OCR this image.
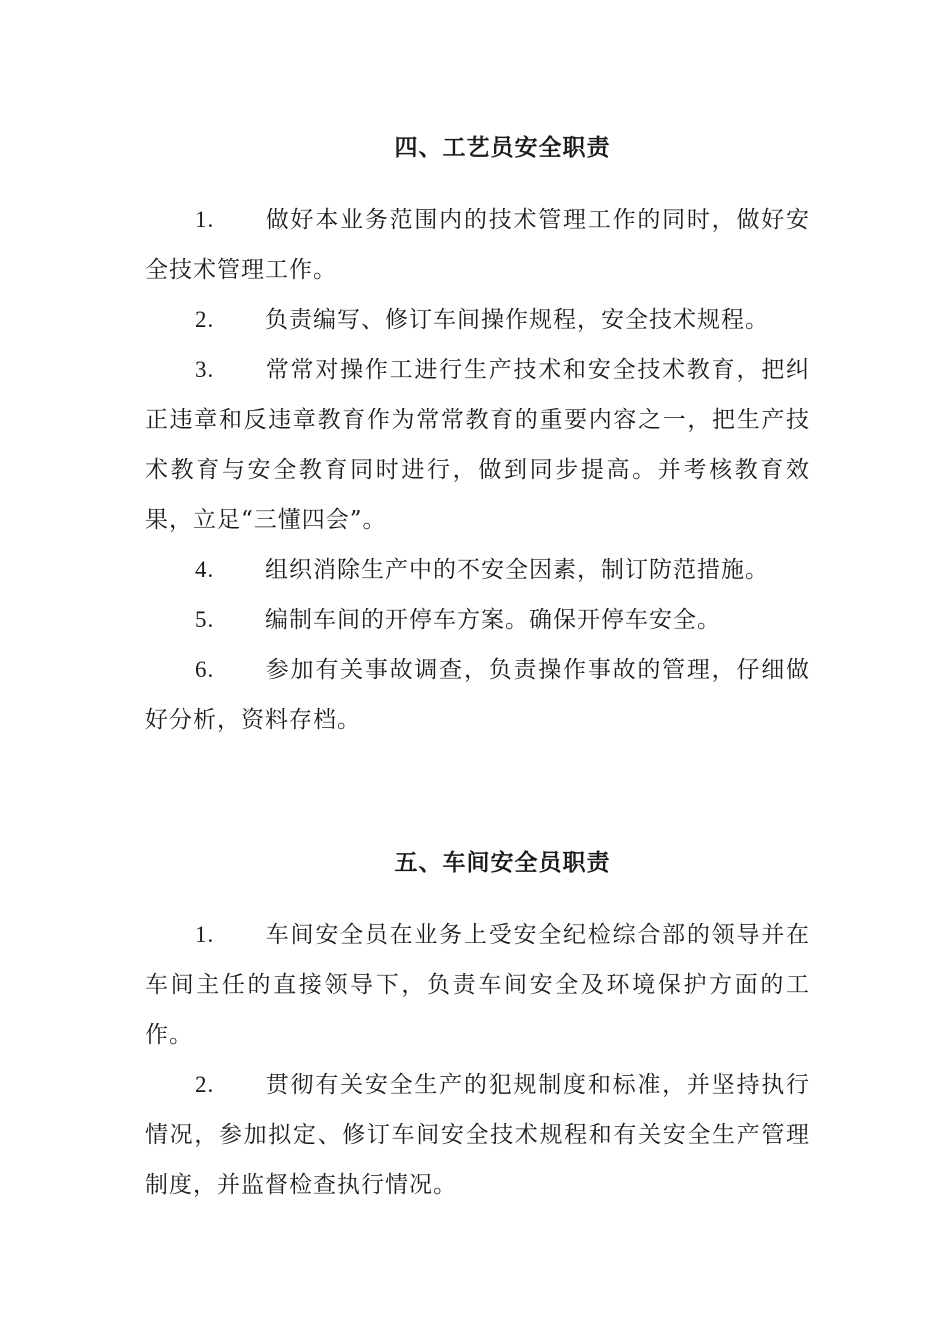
四、工艺员安全职责
1. 做好本业务范围内的技术管理工作的同时，做好安全技术管理工作。
2. 负责编写、修订车间操作规程，安全技术规程。
3. 常常对操作工进行生产技术和安全技术教育，把纠正违章和反违章教育作为常常教育的重要内容之一，把生产技术教育与安全教育同时进行，做到同步提高。并考核教育效果，立足“三懂四会”。
4. 组织消除生产中的不安全因素，制订防范措施。
5. 编制车间的开停车方案。确保开停车安全。
6. 参加有关事故调查，负责操作事故的管理，仔细做好分析，资料存档。
五、车间安全员职责
1. 车间安全员在业务上受安全纪检综合部的领导并在车间主任的直接领导下，负责车间安全及环境保护方面的工作。
2. 贯彻有关安全生产的犯规制度和标准，并坚持执行情况，参加拟定、修订车间安全技术规程和有关安全生产管理制度，并监督检查执行情况。
